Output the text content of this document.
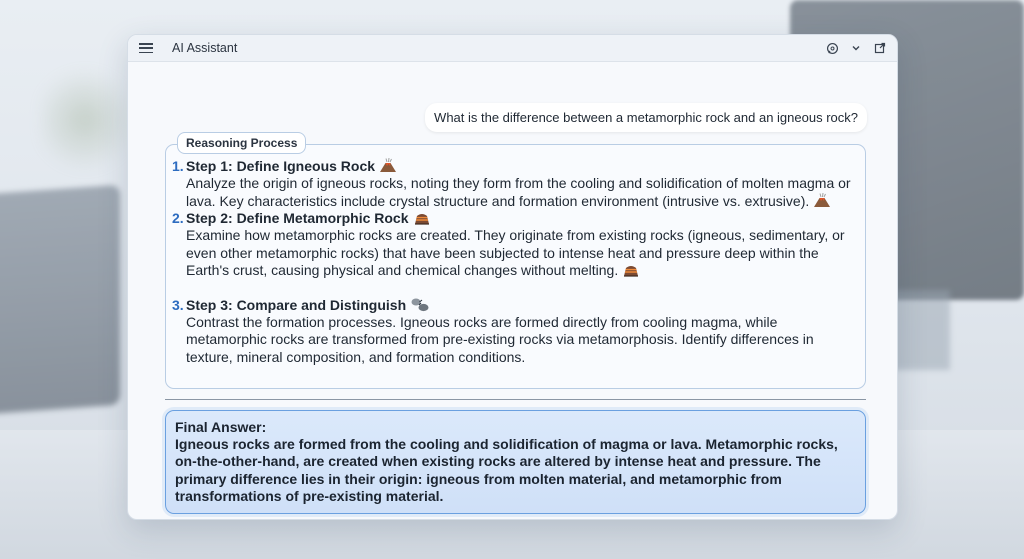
AI Assistant
What is the difference between a metamorphic rock and an igneous rock?
Reasoning Process
1. Step 1: Define Igneous Rock
Analyze the origin of igneous rocks, noting they form from the cooling and solidification of molten magma or lava. Key characteristics include crystal structure and formation environment (intrusive vs. extrusive).
2. Step 2: Define Metamorphic Rock
Examine how metamorphic rocks are created. They originate from existing rocks (igneous, sedimentary, or even other metamorphic rocks) that have been subjected to intense heat and pressure deep within the Earth's crust, causing physical and chemical changes without melting.
3. Step 3: Compare and Distinguish
Contrast the formation processes. Igneous rocks are formed directly from cooling magma, while metamorphic rocks are transformed from pre-existing rocks via metamorphosis. Identify differences in texture, mineral composition, and formation conditions.
Final Answer:
Igneous rocks are formed from the cooling and solidification of magma or lava. Metamorphic rocks, on-the-other-hand, are created when existing rocks are altered by intense heat and pressure. The primary difference lies in their origin: igneous from molten material, and metamorphic from transformations of pre-existing material.
